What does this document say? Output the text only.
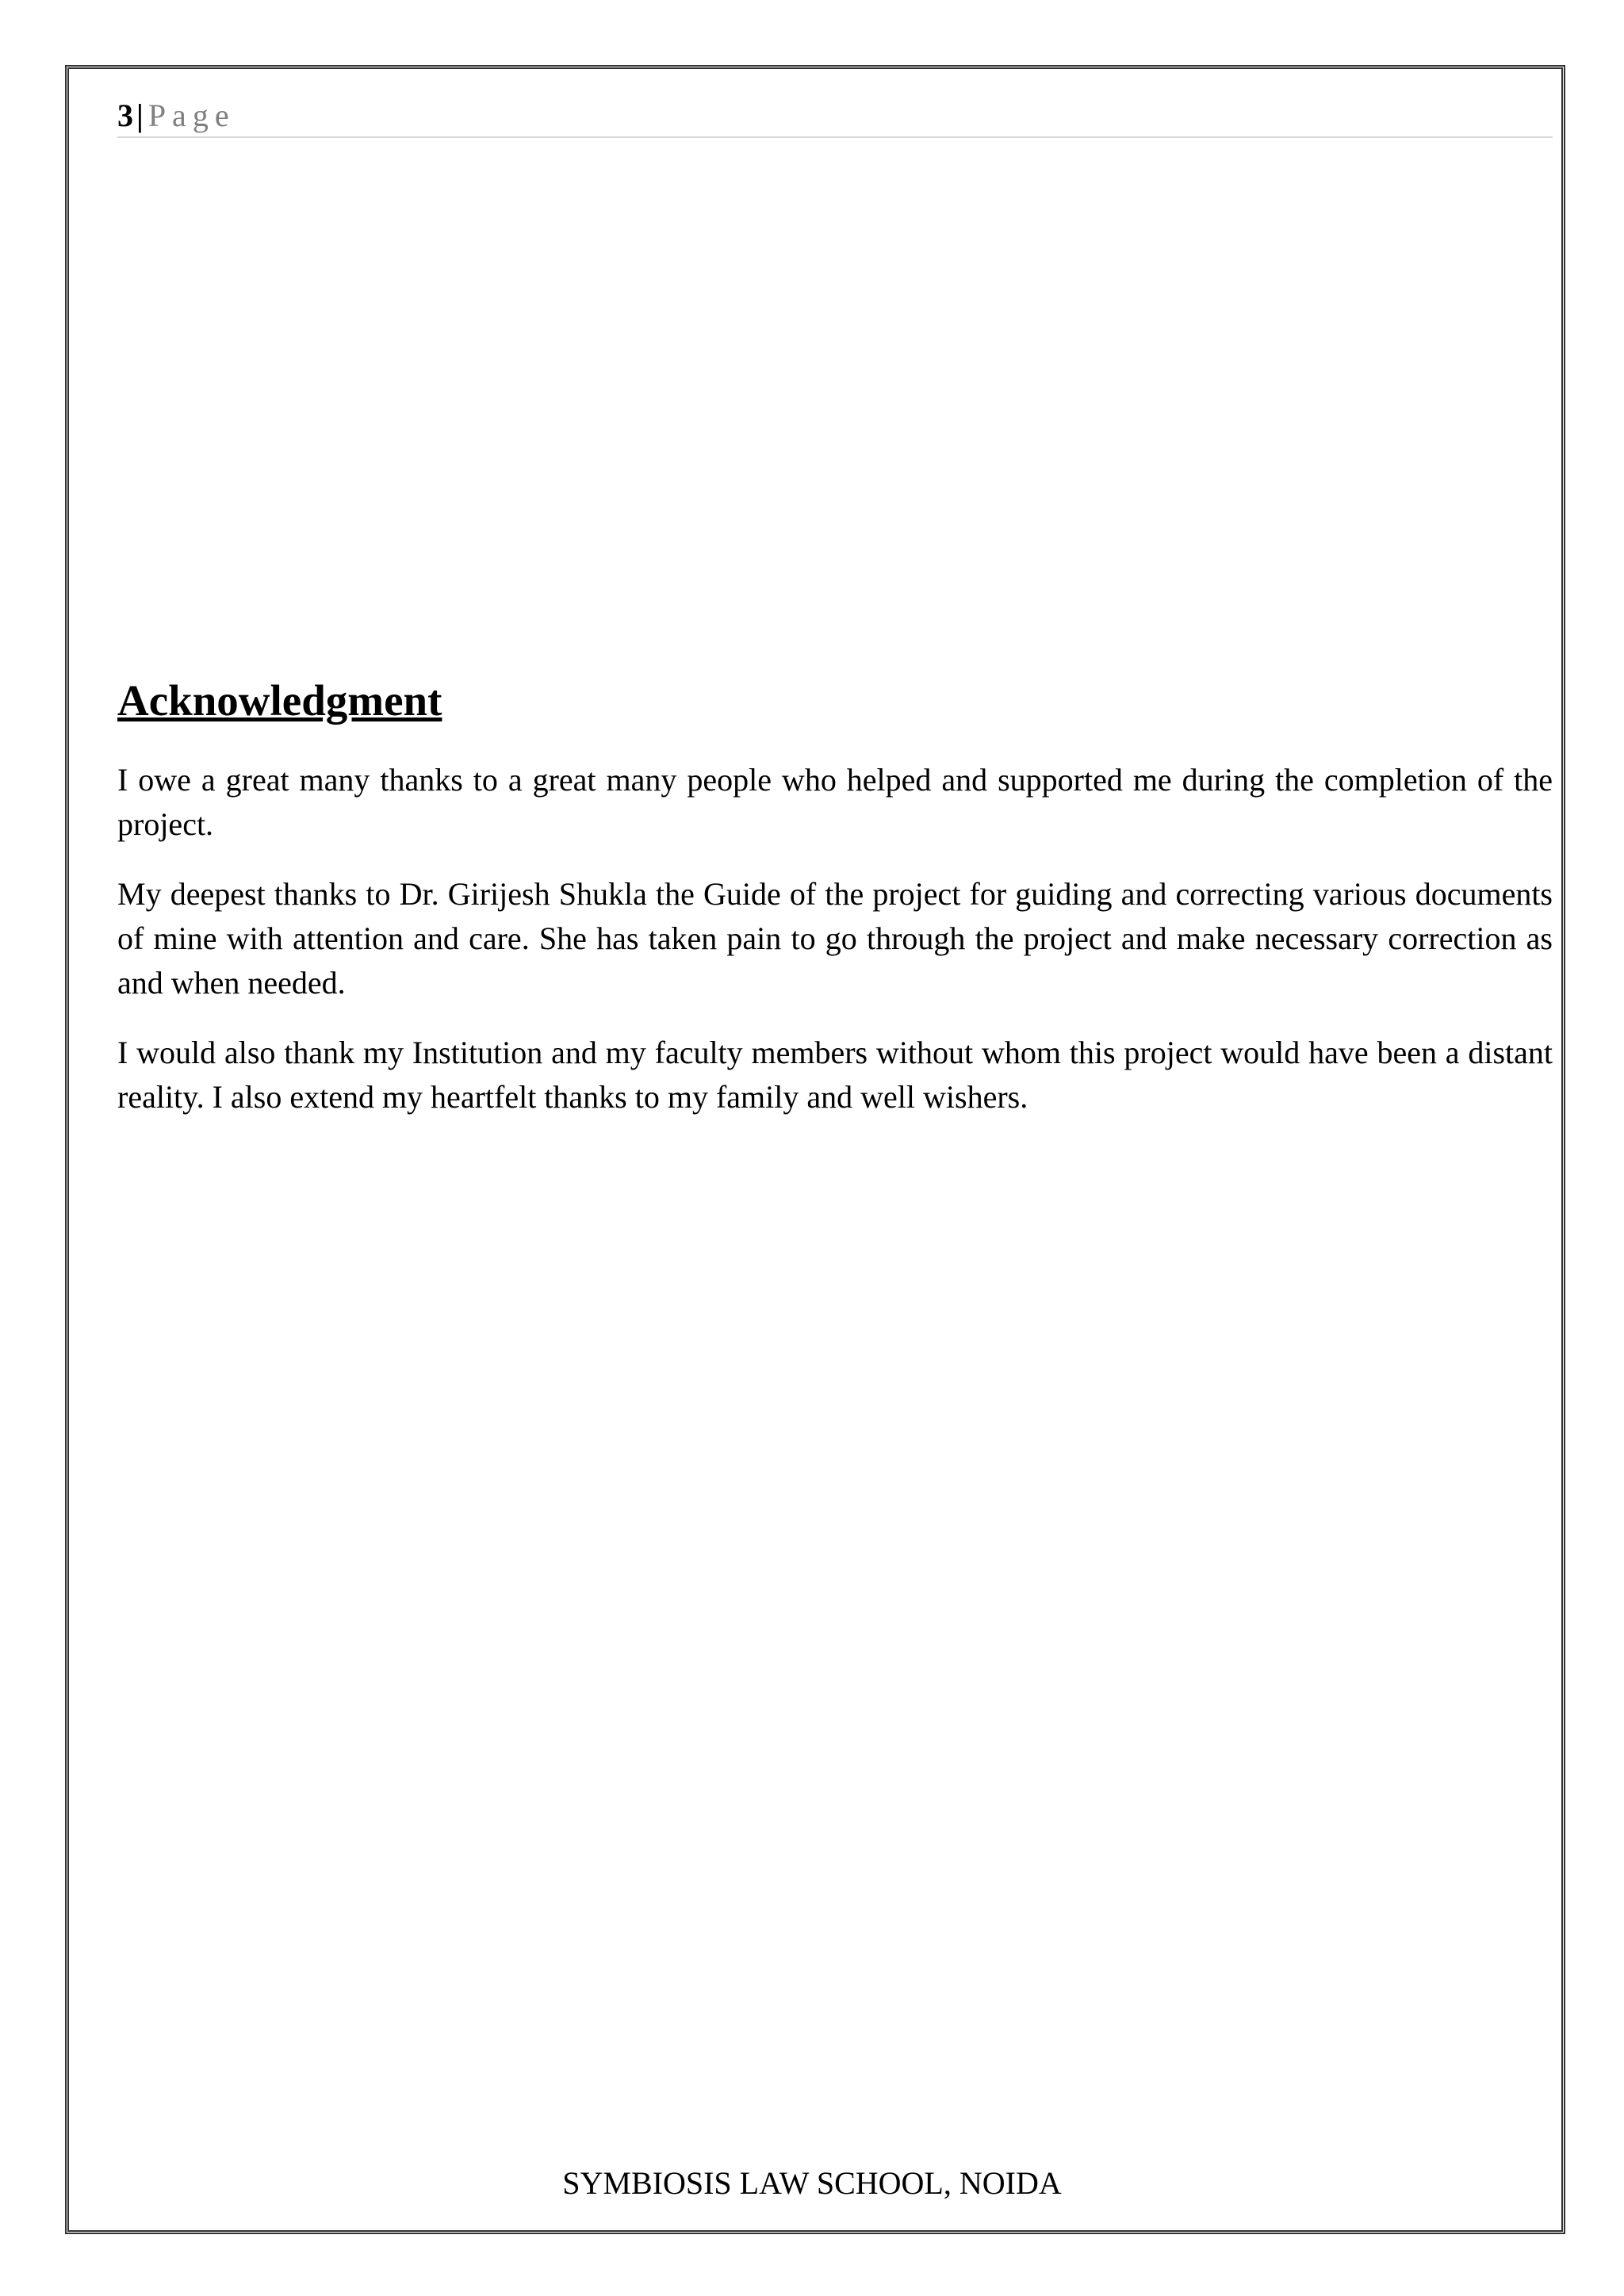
3 | Page
Acknowledgment

I owe a great many thanks to a great many people who helped and supported me during the completion of the project.

My deepest thanks to Dr. Girijesh Shukla the Guide of the project for guiding and correcting various documents of mine with attention and care. She has taken pain to go through the project and make necessary correction as and when needed.

I would also thank my Institution and my faculty members without whom this project would have been a distant reality. I also extend my heartfelt thanks to my family and well wishers.

SYMBIOSIS LAW SCHOOL, NOIDA
